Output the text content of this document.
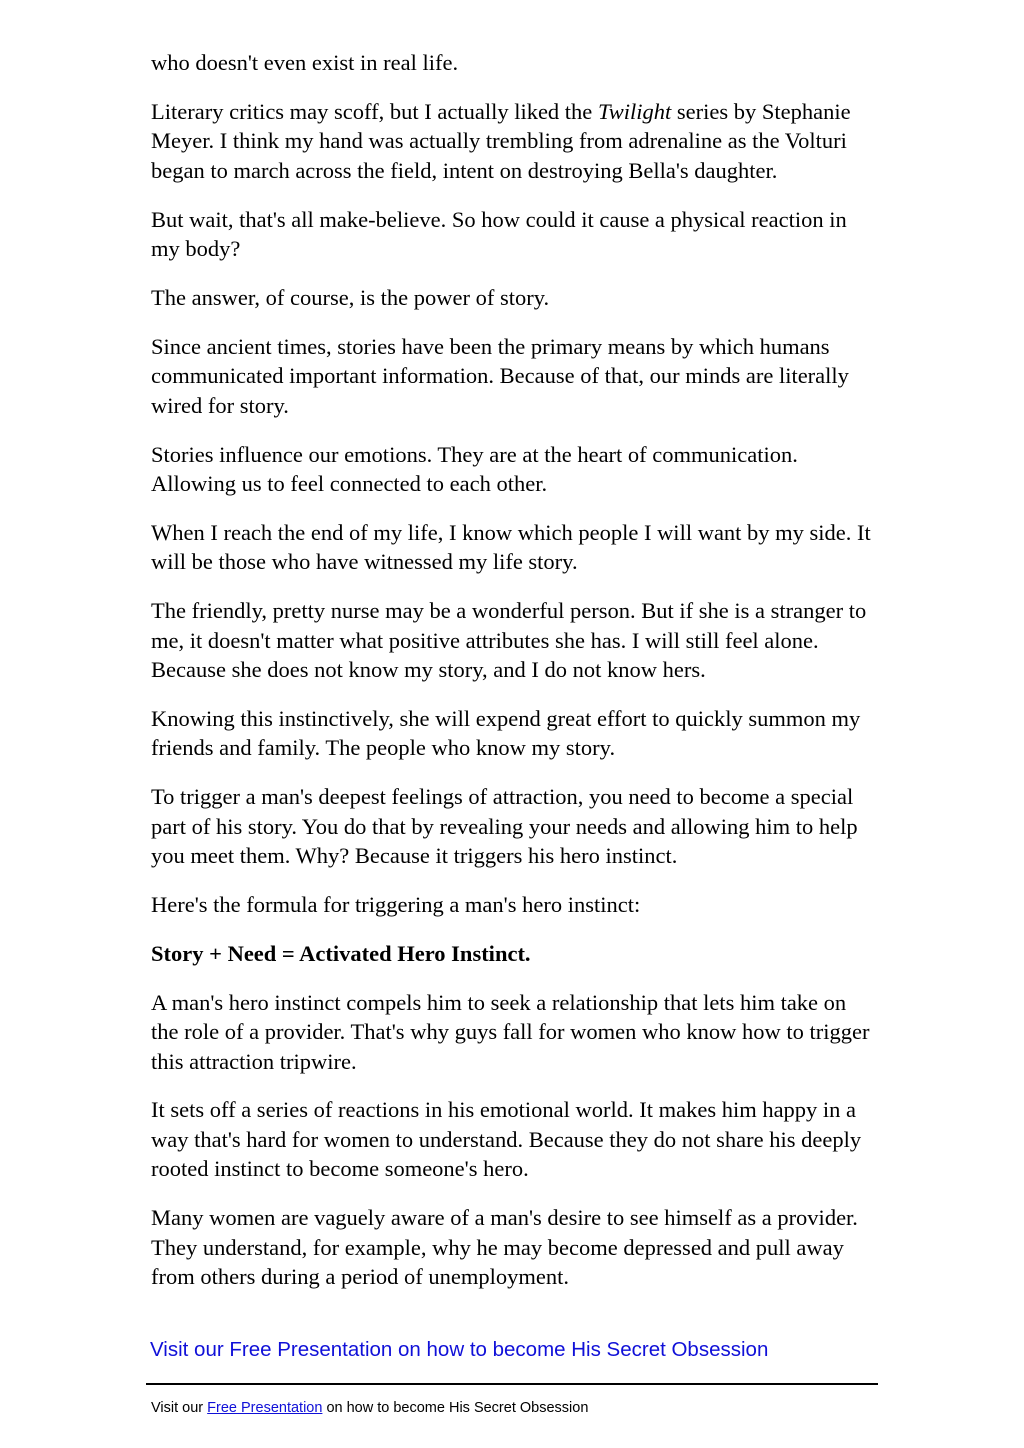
who doesn't even exist in real life.

Literary critics may scoff, but I actually liked the Twilight series by Stephanie Meyer. I think my hand was actually trembling from adrenaline as the Volturi began to march across the field, intent on destroying Bella's daughter.

But wait, that's all make-believe. So how could it cause a physical reaction in my body?

The answer, of course, is the power of story.

Since ancient times, stories have been the primary means by which humans communicated important information. Because of that, our minds are literally wired for story.

Stories influence our emotions. They are at the heart of communication. Allowing us to feel connected to each other.

When I reach the end of my life, I know which people I will want by my side. It will be those who have witnessed my life story.

The friendly, pretty nurse may be a wonderful person. But if she is a stranger to me, it doesn't matter what positive attributes she has. I will still feel alone. Because she does not know my story, and I do not know hers.

Knowing this instinctively, she will expend great effort to quickly summon my friends and family. The people who know my story.

To trigger a man's deepest feelings of attraction, you need to become a special part of his story. You do that by revealing your needs and allowing him to help you meet them. Why? Because it triggers his hero instinct.

Here's the formula for triggering a man's hero instinct:

Story + Need = Activated Hero Instinct.

A man's hero instinct compels him to seek a relationship that lets him take on the role of a provider. That's why guys fall for women who know how to trigger this attraction tripwire.

It sets off a series of reactions in his emotional world. It makes him happy in a way that's hard for women to understand. Because they do not share his deeply rooted instinct to become someone's hero.

Many women are vaguely aware of a man's desire to see himself as a provider. They understand, for example, why he may become depressed and pull away from others during a period of unemployment.

Visit our Free Presentation on how to become His Secret Obsession
Visit our Free Presentation on how to become His Secret Obsession
